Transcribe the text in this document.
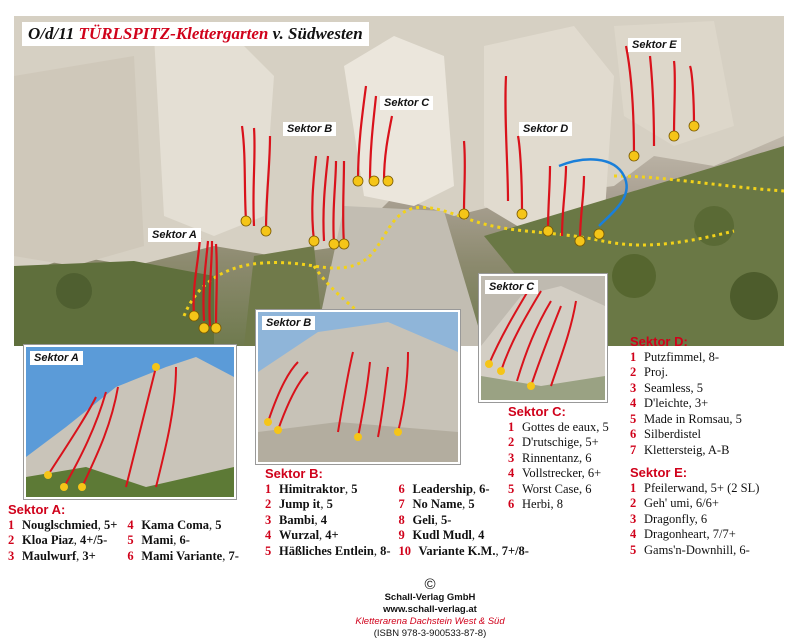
O/d/11 TÜRLSPITZ-Klettergarten v. Südwesten
Sektor A
Sektor B
Sektor C
Sektor D
Sektor E
Sektor A
Sektor B
Sektor C
Sektor A:
1 Nouglschmied, 5+
2 Kloa Piaz, 4+/5-
3 Maulwurf, 3+
4 Kama Coma, 5
5 Mami, 6-
6 Mami Variante, 7-
Sektor B:
1 Himitraktor, 5
2 Jump it, 5
3 Bambi, 4
4 Wurzal, 4+
5 Häßliches Entlein, 8-
6 Leadership, 6-
7 No Name, 5
8 Geli, 5-
9 Kudl Mudl, 4
10 Variante K.M., 7+/8-
Sektor C:
1 Gottes de eaux, 5
2 D'rutschige, 5+
3 Rinnentanz, 6
4 Vollstrecker, 6+
5 Worst Case, 6
6 Herbi, 8
Sektor D:
1 Putzfimmel, 8-
2 Proj.
3 Seamless, 5
4 D'leichte, 3+
5 Made in Romsau, 5
6 Silberdistel
7 Klettersteig, A-B
Sektor E:
1 Pfeilerwand, 5+ (2 SL)
2 Geh' umi, 6/6+
3 Dragonfly, 6
4 Dragonheart, 7/7+
5 Gams'n-Downhill, 6-
©
Schall-Verlag GmbH
www.schall-verlag.at
Kletterarena Dachstein West & Süd
(ISBN 978-3-900533-87-8)
